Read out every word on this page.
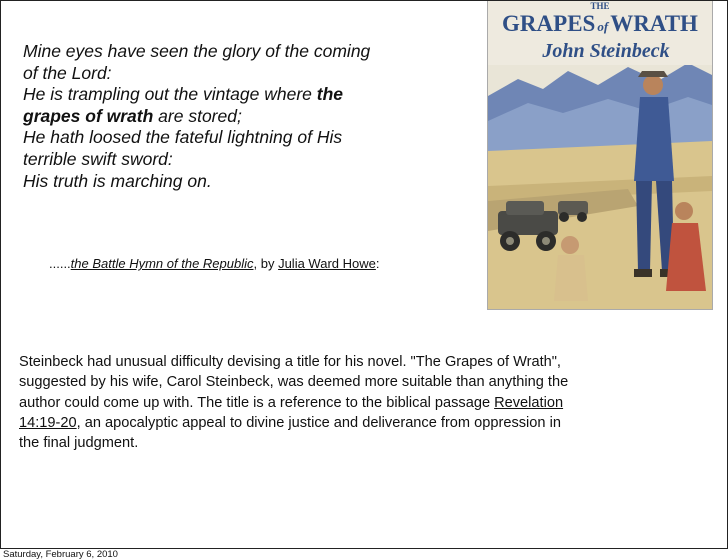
Mine eyes have seen the glory of the coming
of the Lord:
He is trampling out the vintage where the
grapes of wrath are stored;
He hath loosed the fateful lightning of His
terrible swift sword:
His truth is marching on.
......the Battle Hymn of the Republic, by Julia Ward Howe:
Steinbeck had unusual difficulty devising a title for his novel. "The Grapes of Wrath",
suggested by his wife, Carol Steinbeck, was deemed more suitable than anything the
author could come up with. The title is a reference to the biblical passage Revelation
14:19-20, an apocalyptic appeal to divine justice and deliverance from oppression in
the final judgment.
THE
GRAPES ofWRATH
John Steinbeck
Saturday, February 6, 2010
